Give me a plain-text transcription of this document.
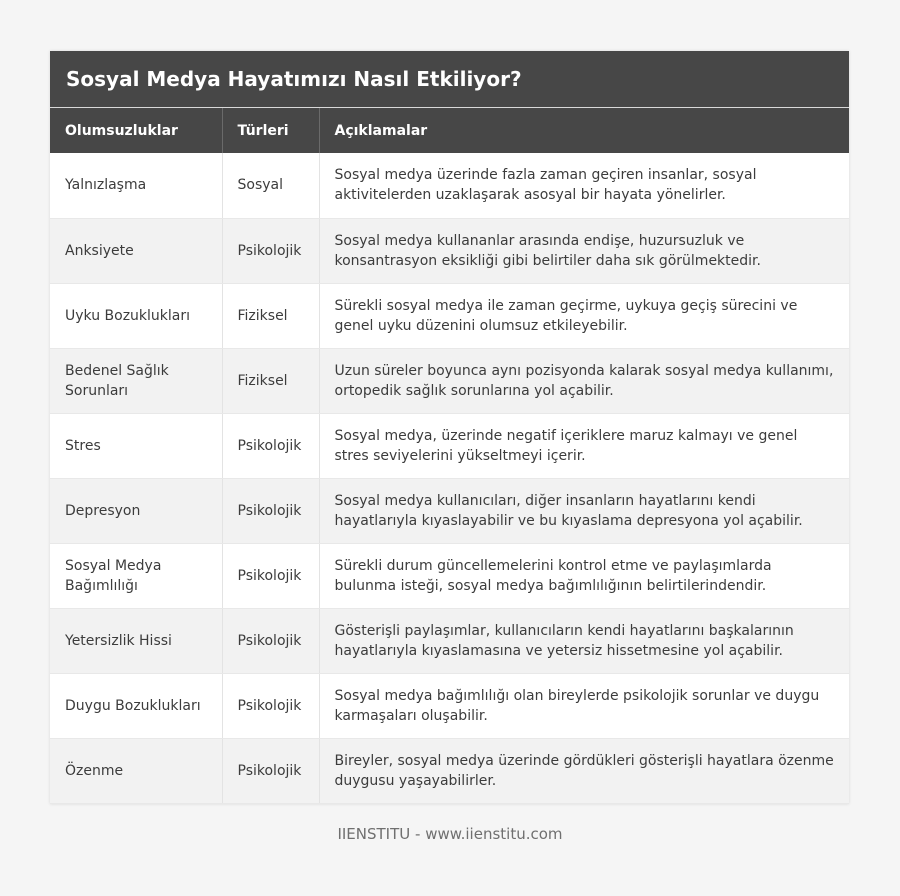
Sosyal Medya Hayatımızı Nasıl Etkiliyor?
Olumsuzluklar	Türleri	Açıklamalar
Yalnızlaşma	Sosyal	Sosyal medya üzerinde fazla zaman geçiren insanlar, sosyal aktivitelerden uzaklaşarak asosyal bir hayata yönelirler.
Anksiyete	Psikolojik	Sosyal medya kullananlar arasında endişe, huzursuzluk ve konsantrasyon eksikliği gibi belirtiler daha sık görülmektedir.
Uyku Bozuklukları	Fiziksel	Sürekli sosyal medya ile zaman geçirme, uykuya geçiş sürecini ve genel uyku düzenini olumsuz etkileyebilir.
Bedenel Sağlık Sorunları	Fiziksel	Uzun süreler boyunca aynı pozisyonda kalarak sosyal medya kullanımı, ortopedik sağlık sorunlarına yol açabilir.
Stres	Psikolojik	Sosyal medya, üzerinde negatif içeriklere maruz kalmayı ve genel stres seviyelerini yükseltmeyi içerir.
Depresyon	Psikolojik	Sosyal medya kullanıcıları, diğer insanların hayatlarını kendi hayatlarıyla kıyaslayabilir ve bu kıyaslama depresyona yol açabilir.
Sosyal Medya Bağımlılığı	Psikolojik	Sürekli durum güncellemelerini kontrol etme ve paylaşımlarda bulunma isteği, sosyal medya bağımlılığının belirtilerindendir.
Yetersizlik Hissi	Psikolojik	Gösterişli paylaşımlar, kullanıcıların kendi hayatlarını başkalarının hayatlarıyla kıyaslamasına ve yetersiz hissetmesine yol açabilir.
Duygu Bozuklukları	Psikolojik	Sosyal medya bağımlılığı olan bireylerde psikolojik sorunlar ve duygu karmaşaları oluşabilir.
Özenme	Psikolojik	Bireyler, sosyal medya üzerinde gördükleri gösterişli hayatlara özenme duygusu yaşayabilirler.
IIENSTITU - www.iienstitu.com
